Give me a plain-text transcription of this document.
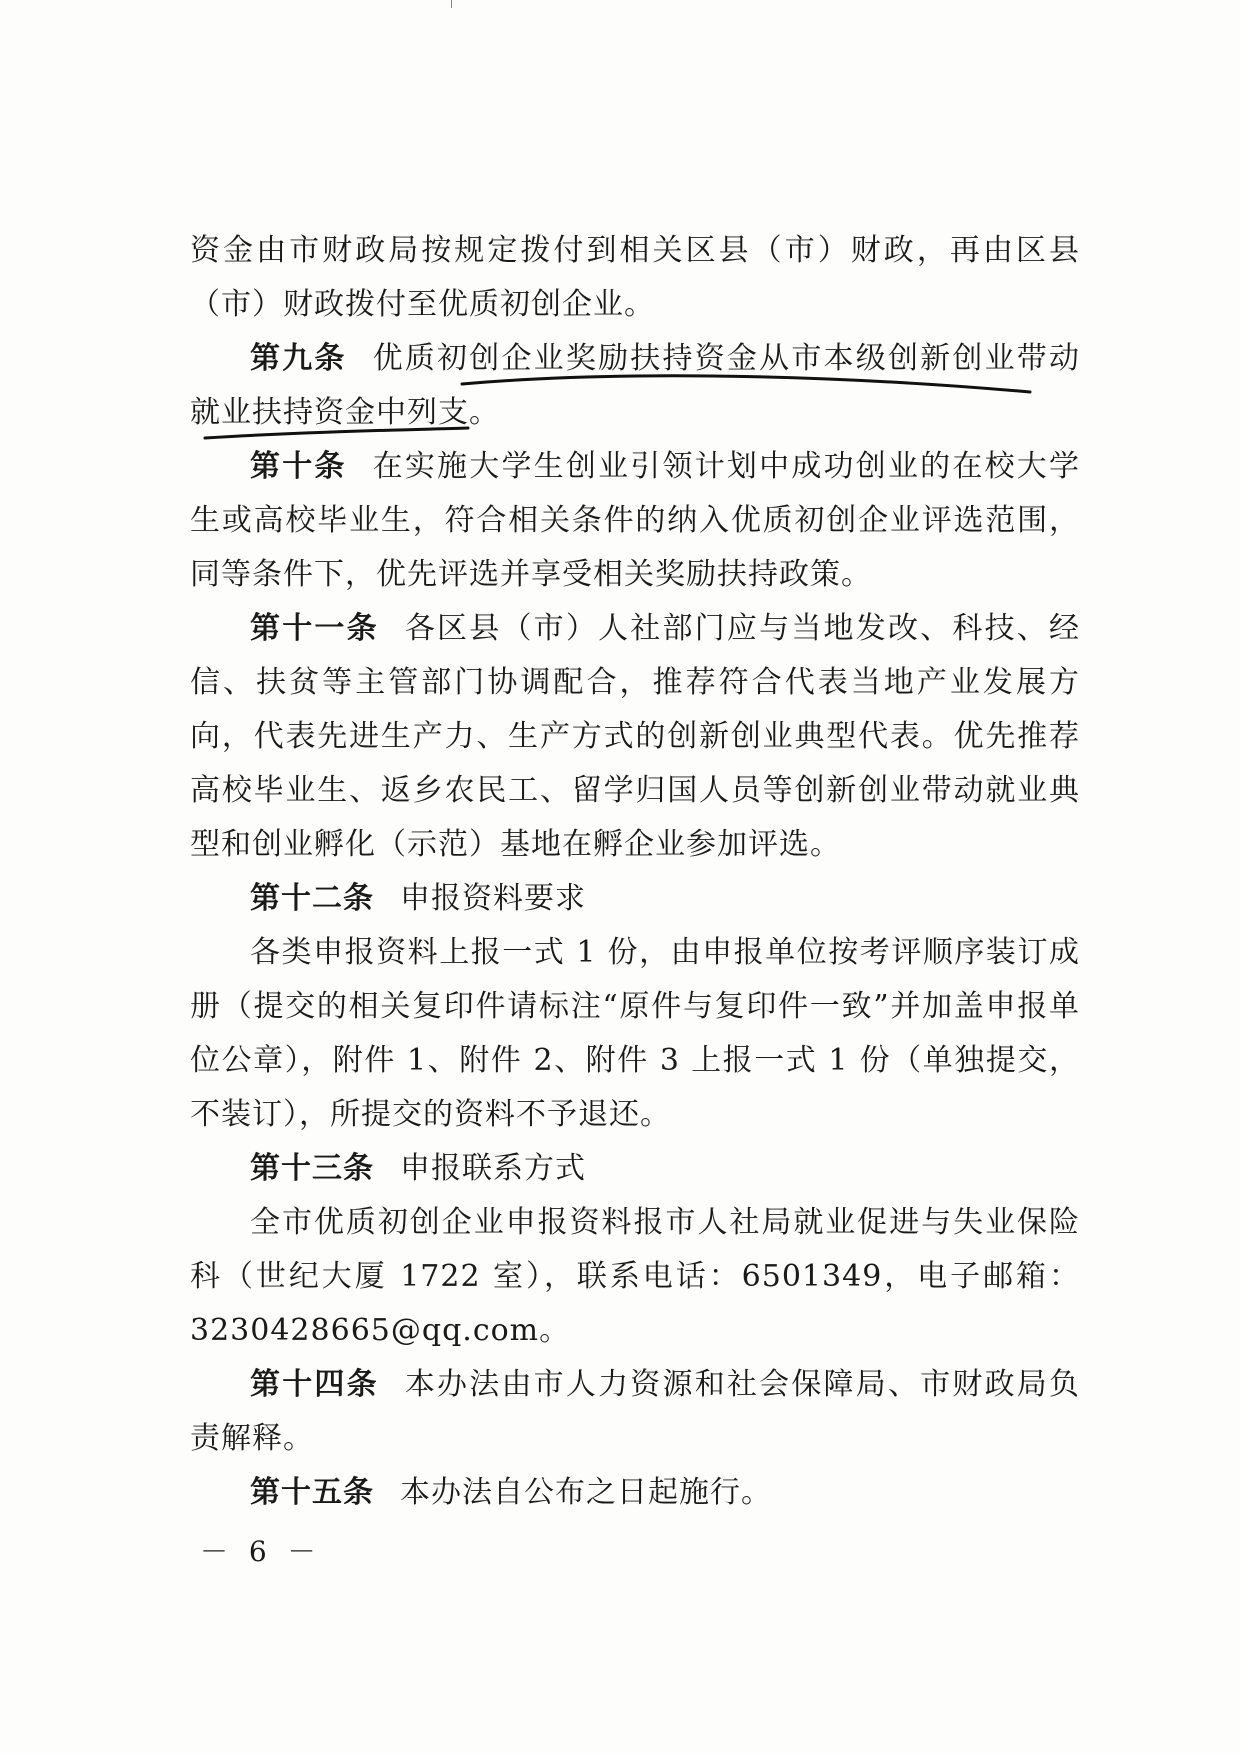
资金由市财政局按规定拨付到相关区县（市）财政，再由区县（市）财政拨付至优质初创企业。

第九条 优质初创企业奖励扶持资金从市本级创新创业带动就业扶持资金中列支。

第十条 在实施大学生创业引领计划中成功创业的在校大学生或高校毕业生，符合相关条件的纳入优质初创企业评选范围，同等条件下，优先评选并享受相关奖励扶持政策。

第十一条 各区县（市）人社部门应与当地发改、科技、经信、扶贫等主管部门协调配合，推荐符合代表当地产业发展方向，代表先进生产力、生产方式的创新创业典型代表。优先推荐高校毕业生、返乡农民工、留学归国人员等创新创业带动就业典型和创业孵化（示范）基地在孵企业参加评选。

第十二条 申报资料要求

各类申报资料上报一式 1 份，由申报单位按考评顺序装订成册（提交的相关复印件请标注“原件与复印件一致”并加盖申报单位公章），附件 1、附件 2、附件 3 上报一式 1 份（单独提交，不装订），所提交的资料不予退还。

第十三条 申报联系方式

全市优质初创企业申报资料报市人社局就业促进与失业保险科（世纪大厦 1722 室），联系电话：6501349，电子邮箱：3230428665@qq.com。

第十四条 本办法由市人力资源和社会保障局、市财政局负责解释。

第十五条 本办法自公布之日起施行。

－ 6 －
